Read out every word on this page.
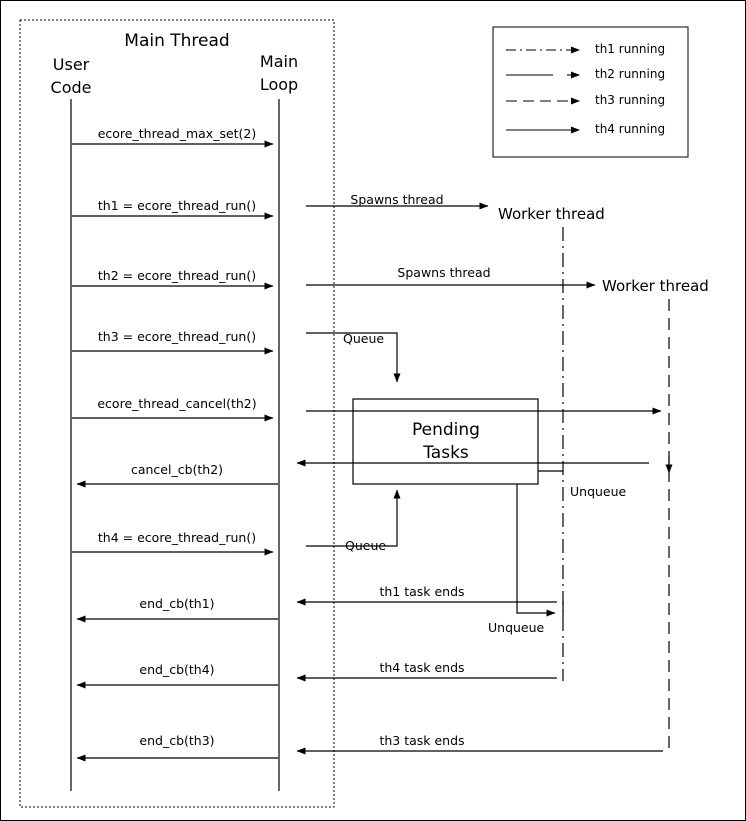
Main Thread
User
Code
Main
Loop
Worker thread
Worker thread
Pending
Tasks
th1 running
th2 running
th3 running
th4 running
ecore_thread_max_set(2)
th1 = ecore_thread_run()	Spawns thread
th2 = ecore_thread_run()	Spawns thread
th3 = ecore_thread_run()	Queue
ecore_thread_cancel(th2)
cancel_cb(th2)
Unqueue
th4 = ecore_thread_run()
Queue
end_cb(th1)
th1 task ends
Unqueue
end_cb(th4)	th4 task ends
end_cb(th3)	th3 task ends
